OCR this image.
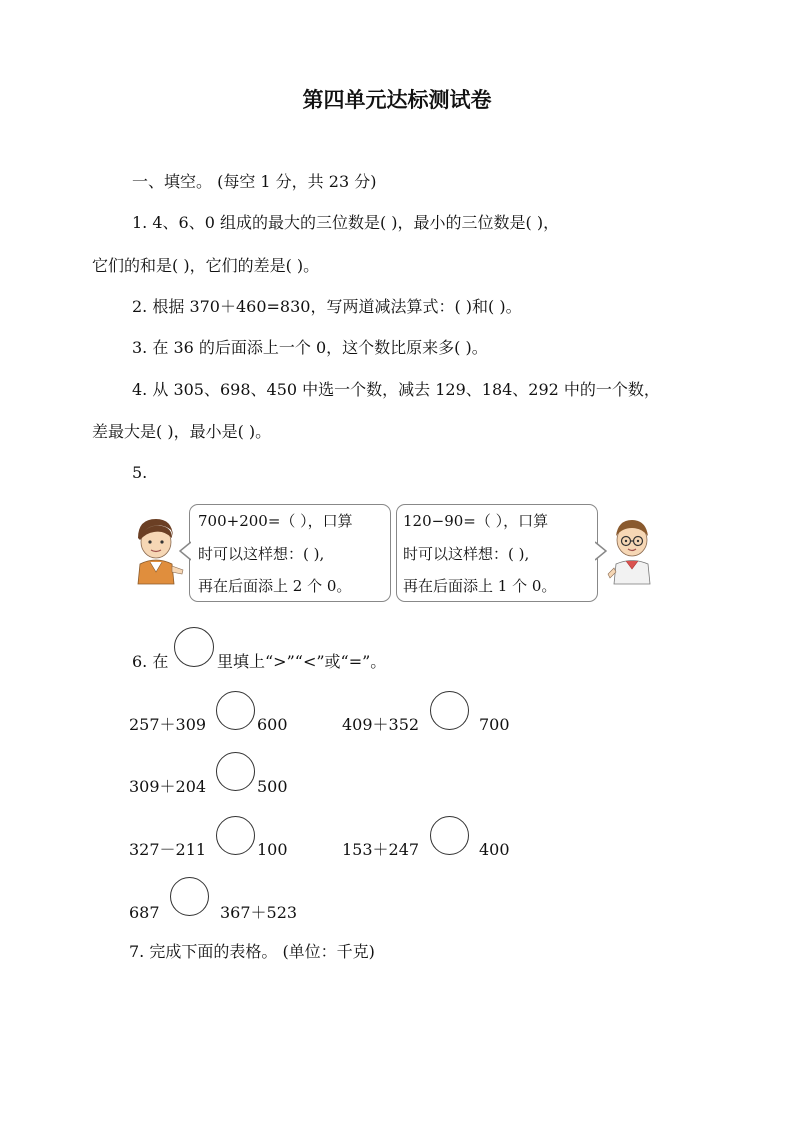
第四单元达标测试卷
一、填空。 (每空 1 分，共 23 分)
1. 4、6、0 组成的最大的三位数是( )，最小的三位数是( )，
它们的和是( )，它们的差是( )。
2. 根据 370＋460=830，写两道减法算式：( )和( )。
3. 在 36 的后面添上一个 0，这个数比原来多( )。
4. 从 305、698、450 中选一个数，减去 129、184、292 中的一个数，
差最大是( )，最小是( )。
5.
700+200=（ ），口算
时可以这样想：( ),
再在后面添上 2 个 0。
120−90=（ ），口算
时可以这样想：( ),
再在后面添上 1 个 0。
6. 在	里填上“>”“<”或“=”。
257＋309	600	409＋352	700
309＋204	500
327－211	100	153＋247	400
687	367＋523
7. 完成下面的表格。 (单位：千克)
